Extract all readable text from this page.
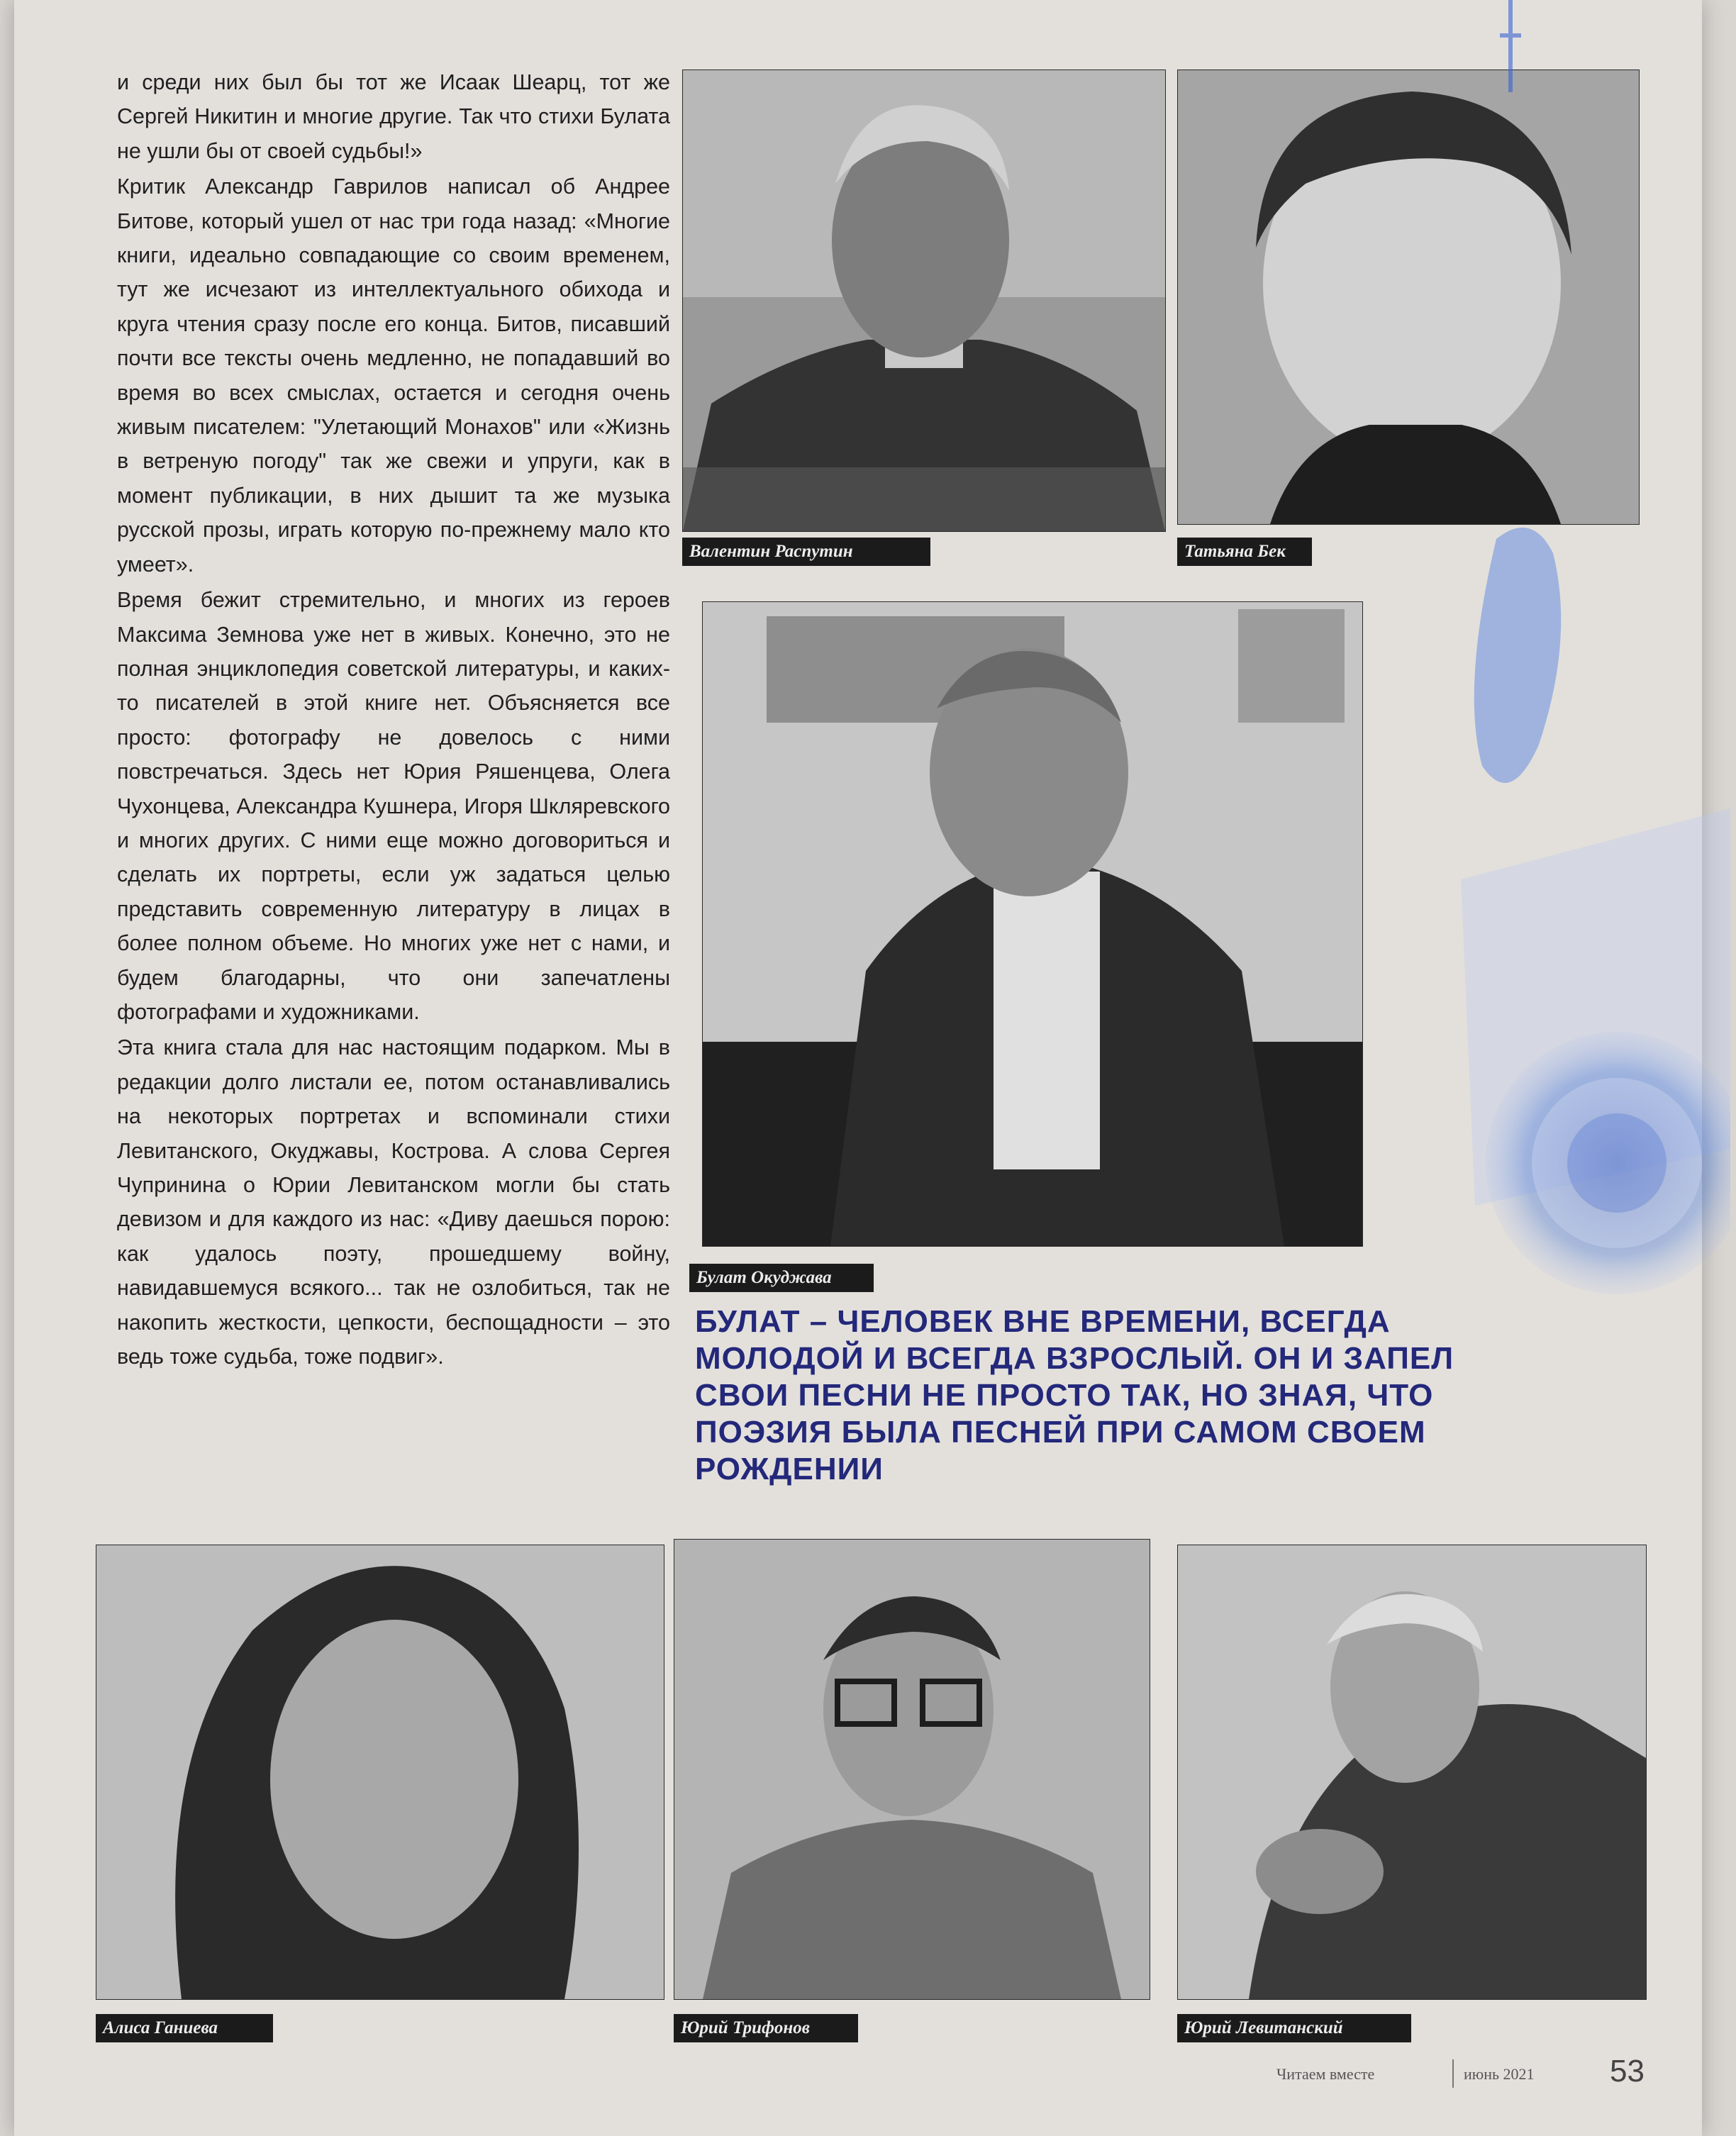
и среди них был бы тот же Исаак Шеарц, тот же Сергей Никитин и многие другие. Так что стихи Булата не ушли бы от своей судьбы!»

Критик Александр Гаврилов написал об Андрее Битове, который ушел от нас три года назад: «Многие книги, идеально совпадающие со своим временем, тут же исчезают из интеллектуального обихода и круга чтения сразу после его конца. Битов, писавший почти все тексты очень медленно, не попадавший во время во всех смыслах, остается и сегодня очень живым писателем: "Улетающий Монахов" или «Жизнь в ветреную погоду" так же свежи и упруги, как в момент публикации, в них дышит та же музыка русской прозы, играть которую по-прежнему мало кто умеет».

Время бежит стремительно, и многих из героев Максима Земнова уже нет в живых. Конечно, это не полная энциклопедия советской литературы, и каких-то писателей в этой книге нет. Объясняется все просто: фотографу не довелось с ними повстречаться. Здесь нет Юрия Ряшенцева, Олега Чухонцева, Александра Кушнера, Игоря Шкляревского и многих других. С ними еще можно договориться и сделать их портреты, если уж задаться целью представить современную литературу в лицах в более полном объеме. Но многих уже нет с нами, и будем благодарны, что они запечатлены фотографами и художниками.

Эта книга стала для нас настоящим подарком. Мы в редакции долго листали ее, потом останавливались на некоторых портретах и вспоминали стихи Левитанского, Окуджавы, Кострова. А слова Сергея Чупринина о Юрии Левитанском могли бы стать девизом и для каждого из нас: «Диву даешься порою: как удалось поэту, прошедшему войну, навидавшемуся всякого... так не озлобиться, так не накопить жесткости, цепкости, беспощадности – это ведь тоже судьба, тоже подвиг».

Валентин Распутин	Татьяна Бек
Булат Окуджава
БУЛАТ – ЧЕЛОВЕК ВНЕ ВРЕМЕНИ, ВСЕГДА МОЛОДОЙ И ВСЕГДА ВЗРОСЛЫЙ. ОН И ЗАПЕЛ СВОИ ПЕСНИ НЕ ПРОСТО ТАК, НО ЗНАЯ, ЧТО ПОЭЗИЯ БЫЛА ПЕСНЕЙ ПРИ САМОМ СВОЕМ РОЖДЕНИИ
Алиса Ганиева	Юрий Трифонов	Юрий Левитанский
Читаем вместе	июнь 2021 53
